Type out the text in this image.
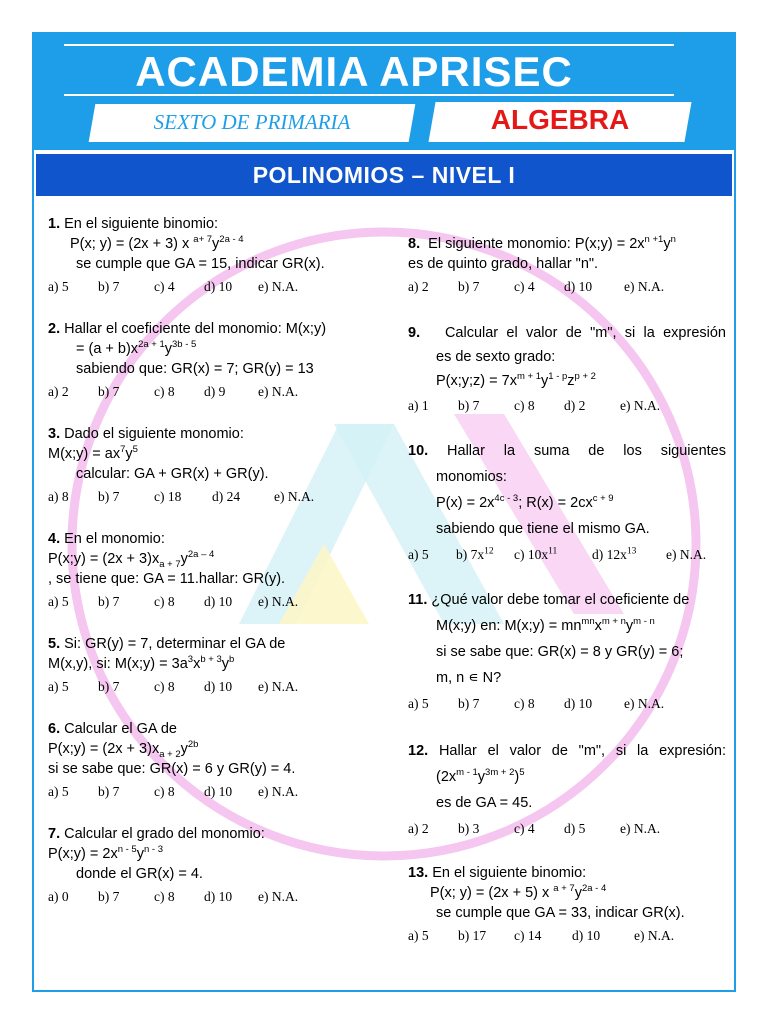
ACADEMIA APRISEC
SEXTO DE PRIMARIA	ALGEBRA
POLINOMIOS – NIVEL I
1. En el siguiente binomio:
P(x; y) = (2x + 3) x $^{a+ 7}y^{2a - 4}$
se cumple que GA = 15, indicar GR(x).
a) 5 b) 7	c) 4 d) 10 e) N.A.
2. Hallar el coeficiente del monomio: M(x;y)
= $(a + b)x^{2a + 1}y^{3b - 5}$
sabiendo que: GR(x) = 7; GR(y) = 13
a) 2 b) 7	c) 8 d) 9 e) N.A.
3. Dado el siguiente monomio:
M(x;y) = $ax^7y^5$
calcular: GA + GR(x) + GR(y).
a) 8 b) 7	c) 18 d) 24	e) N.A.
4. En el monomio:
P(x;y) = $(2x + 3)x_{a + 7}y^{2a - 4}$
, se tiene que: GA = 11.hallar: GR(y).
a) 5 b) 7	c) 8 d) 10 e) N.A.
5. Si: GR(y) = 7, determinar el GA de
M(x,y), si: M(x;y) = $3a^3x^{b + 3}y^b$
a) 5 b) 7	c) 8 d) 10 e) N.A.
6. Calcular el GA de
P(x;y) = $(2x + 3)x_{a + 2}y^{2b}$
si se sabe que: GR(x) = 6 y GR(y) = 4.
a) 5 b) 7	c) 8 d) 10 e) N.A.
7. Calcular el grado del monomio:
P(x;y) = $2x^{n - 5}y^{n - 3}$
donde el GR(x) = 4.
a) 0 b) 7	c) 8 d) 10 e) N.A.
8. El siguiente monomio: P(x;y) = $2x^{n +1}y^n$
es de quinto grado, hallar "n".
a) 2 b) 7	c) 4 d) 10 e) N.A.
9. Calcular el valor de "m", si la expresión
es de sexto grado:
P(x;y;z) = $7x^{m + 1}y^{1 - p}z^{p + 2}$
a) 1 b) 7	c) 8 d) 2	e) N.A.
10. Hallar la suma de los siguientes
monomios:
$P(x) = 2x^{4c - 3}$; $R(x) = 2cx^{c + 9}$
sabiendo que tiene el mismo GA.
a) 5 b) $7x^{12}$ c) $10x^{11}$	d) $12x^{13}$ e) N.A.
11. ¿Qué valor debe tomar el coeficiente de
M(x;y) en: M(x;y) = $mn^{mn}x^{m + n}y^{m - n}$
si se sabe que: GR(x) = 8 y GR(y) = 6;
m, n ∊ N?
a) 5 b) 7	c) 8 d) 10 e) N.A.
12. Hallar el valor de "m", si la expresión:
$(2x^{m - 1}y^{3m + 2})^5$
es de GA = 45.
a) 2 b) 3	c) 4 d) 5	e) N.A.
13. En el siguiente binomio:
P(x; y) = (2x + 5) x $^{a + 7}y^{2a - 4}$
se cumple que GA = 33, indicar GR(x).
a) 5 b) 17 c) 14 d) 10	e) N.A.
